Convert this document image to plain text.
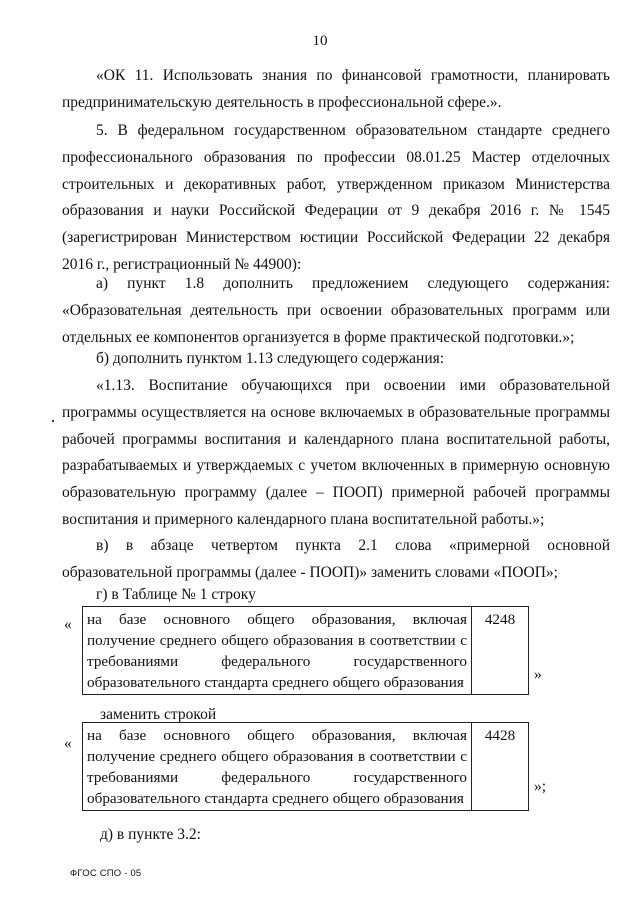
10

«ОК 11. Использовать знания по финансовой грамотности, планировать предпринимательскую деятельность в профессиональной сфере.».

5. В федеральном государственном образовательном стандарте среднего профессионального образования по профессии 08.01.25 Мастер отделочных строительных и декоративных работ, утвержденном приказом Министерства образования и науки Российской Федерации от 9 декабря 2016 г. № 1545 (зарегистрирован Министерством юстиции Российской Федерации 22 декабря 2016 г., регистрационный № 44900):

а) пункт 1.8 дополнить предложением следующего содержания: «Образовательная деятельность при освоении образовательных программ или отдельных ее компонентов организуется в форме практической подготовки.»;

б) дополнить пунктом 1.13 следующего содержания:

«1.13. Воспитание обучающихся при освоении ими образовательной программы осуществляется на основе включаемых в образовательные программы рабочей программы воспитания и календарного плана воспитательной работы, разрабатываемых и утверждаемых с учетом включенных в примерную основную образовательную программу (далее – ПООП) примерной рабочей программы воспитания и примерного календарного плана воспитательной работы.»;

в) в абзаце четвертом пункта 2.1 слова «примерной основной образовательной программы (далее - ПООП)» заменить словами «ПООП»;

г) в Таблице № 1 строку

« на базе основного общего образования, включая получение среднего общего образования в соответствии с требованиями федерального государственного
образовательного стандарта среднего общего образования
4248
»
заменить строкой
« на базе основного общего образования, включая получение среднего общего образования в соответствии с требованиями федерального государственного
образовательного стандарта среднего общего образования
4428
»;
д) в пункте 3.2:
ФГОС СПО - 05
